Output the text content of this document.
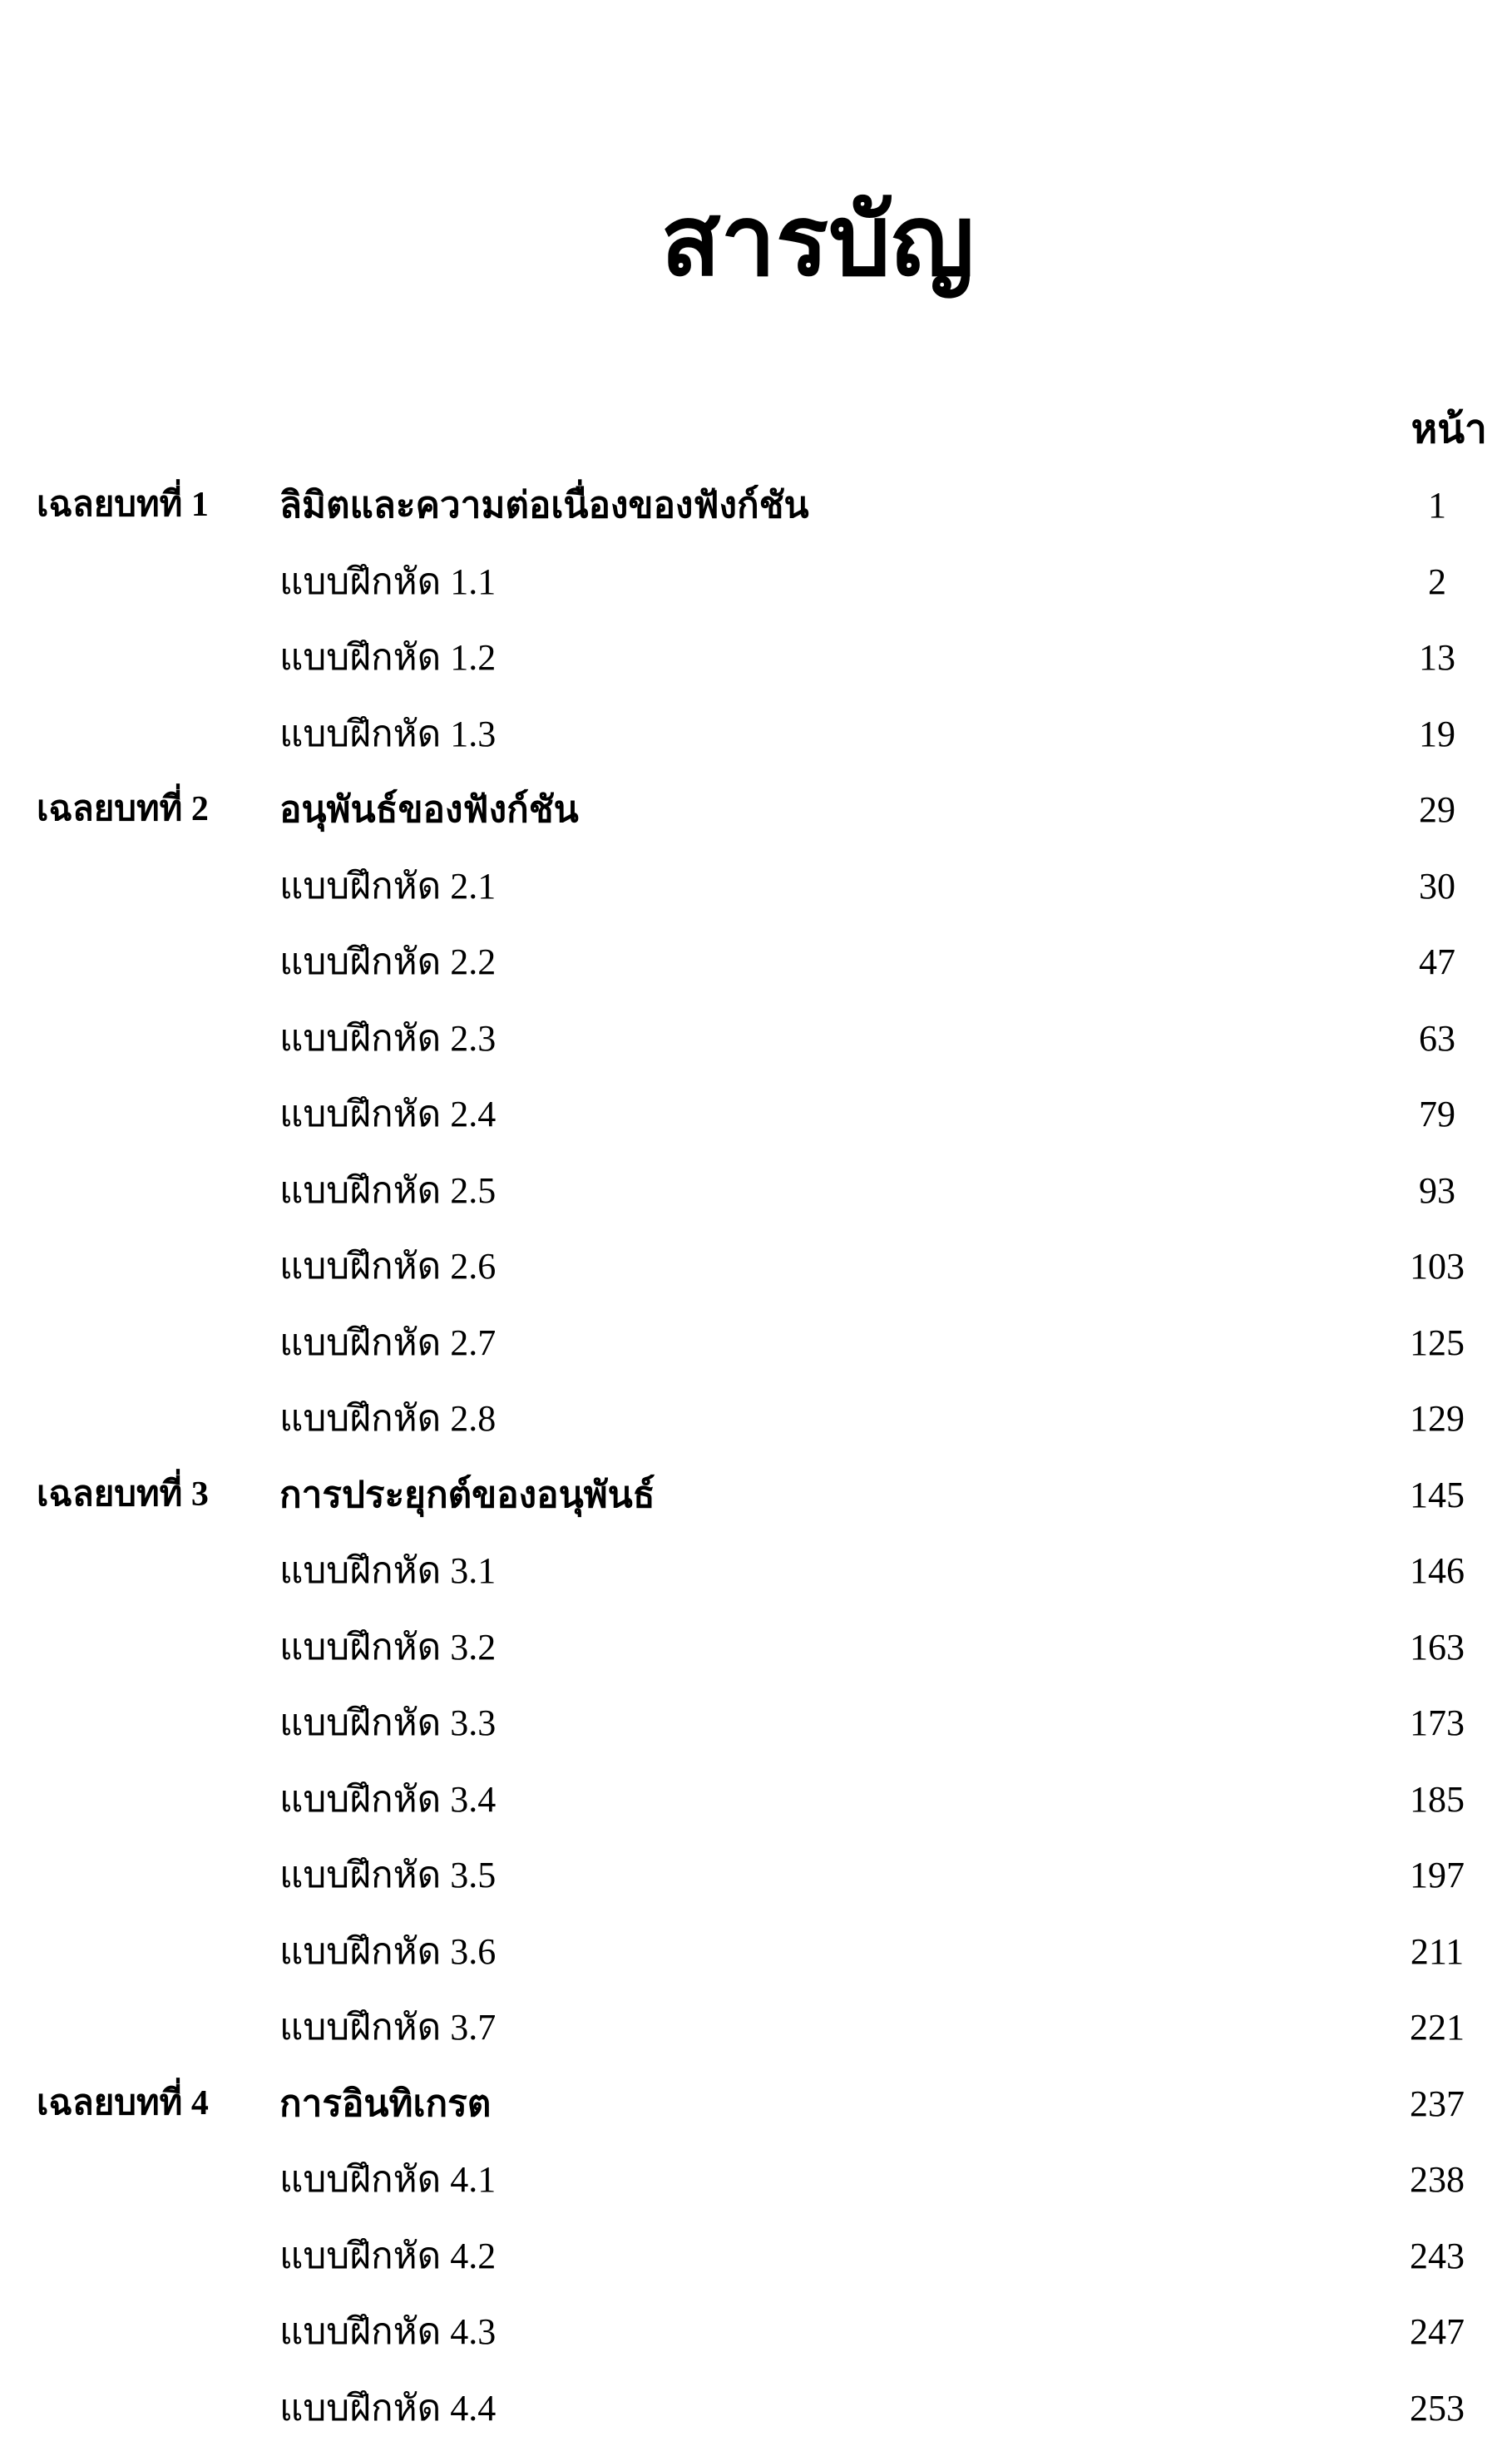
สารบัญ
หน้า
เฉลยบทที่ 1 ลิมิตและความต่อเนื่องของฟังก์ชัน	1
แบบฝึกหัด 1.1	2
แบบฝึกหัด 1.2	13
แบบฝึกหัด 1.3	19
เฉลยบทที่ 2 อนุพันธ์ของฟังก์ชัน	29
แบบฝึกหัด 2.1	30
แบบฝึกหัด 2.2	47
แบบฝึกหัด 2.3	63
แบบฝึกหัด 2.4	79
แบบฝึกหัด 2.5	93
แบบฝึกหัด 2.6	103
แบบฝึกหัด 2.7	125
แบบฝึกหัด 2.8	129
เฉลยบทที่ 3 การประยุกต์ของอนุพันธ์	145
แบบฝึกหัด 3.1	146
แบบฝึกหัด 3.2	163
แบบฝึกหัด 3.3	173
แบบฝึกหัด 3.4	185
แบบฝึกหัด 3.5	197
แบบฝึกหัด 3.6	211
แบบฝึกหัด 3.7	221
เฉลยบทที่ 4 การอินทิเกรต	237
แบบฝึกหัด 4.1	238
แบบฝึกหัด 4.2	243
แบบฝึกหัด 4.3	247
แบบฝึกหัด 4.4	253
